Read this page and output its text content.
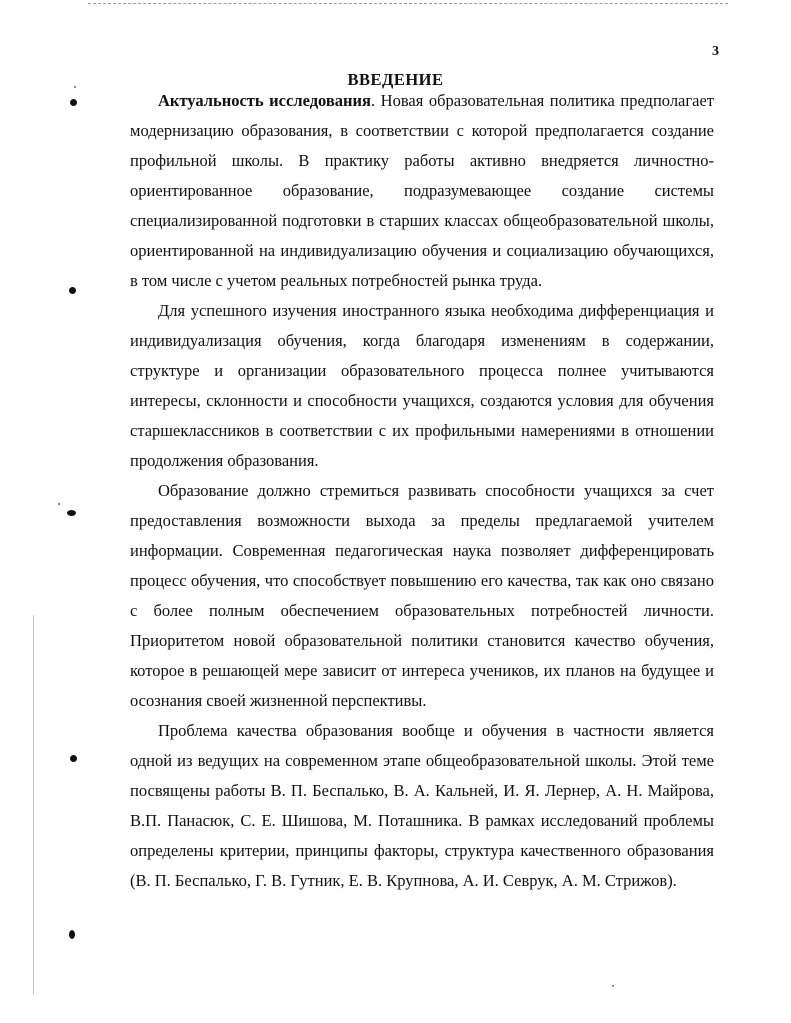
3
ВВЕДЕНИЕ

Актуальность исследования. Новая образовательная политика предполагает модернизацию образования, в соответствии с которой предполагается создание профильной школы. В практику работы активно внедряется личностно-ориентированное образование, подразумевающее создание системы специализированной подготовки в старших классах общеобразовательной школы, ориентированной на индивидуализацию обучения и социализацию обучающихся, в том числе с учетом реальных потребностей рынка труда.

Для успешного изучения иностранного языка необходима дифференциация и индивидуализация обучения, когда благодаря изменениям в содержании, структуре и организации образовательного процесса полнее учитываются интересы, склонности и способности учащихся, создаются условия для обучения старшеклассников в соответствии с их профильными намерениями в отношении продолжения образования.

Образование должно стремиться развивать способности учащихся за счет предоставления возможности выхода за пределы предлагаемой учителем информации. Современная педагогическая наука позволяет дифференцировать процесс обучения, что способствует повышению его качества, так как оно связано с более полным обеспечением образовательных потребностей личности. Приоритетом новой образовательной политики становится качество обучения, которое в решающей мере зависит от интереса учеников, их планов на будущее и осознания своей жизненной перспективы.

Проблема качества образования вообще и обучения в частности является одной из ведущих на современном этапе общеобразовательной школы. Этой теме посвящены работы В. П. Беспалько, В. А. Кальней, И. Я. Лернер, А. Н. Майрова, В.П. Панасюк, С. Е. Шишова, М. Поташника. В рамках исследований проблемы определены критерии, принципы факторы, структура качественного образования (В. П. Беспалько, Г. В. Гутник, Е. В. Крупнова, А. И. Севрук, А. М. Стрижов).
